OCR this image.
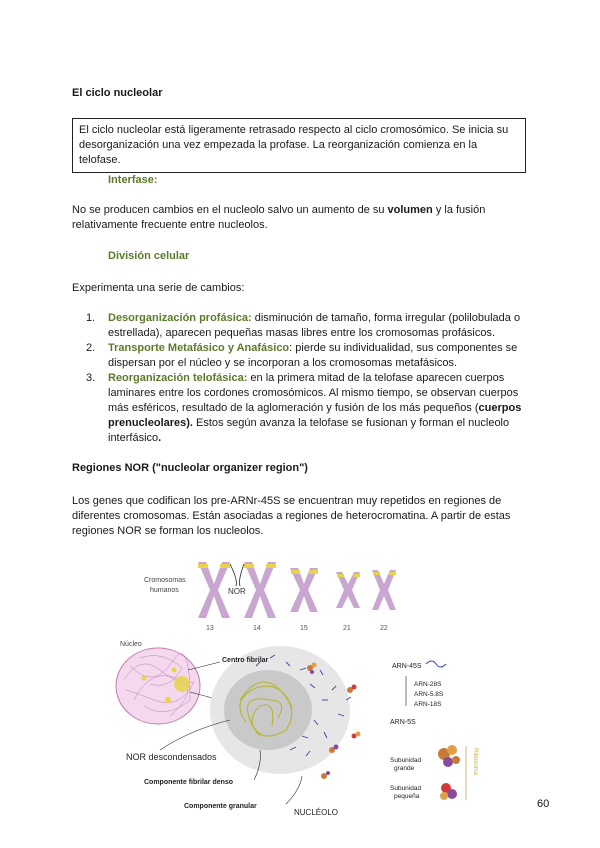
El ciclo nucleolar
El ciclo nucleolar está ligeramente retrasado respecto al ciclo cromosómico. Se inicia su desorganización una vez empezada la profase. La reorganización comienza en la telofase.
Interfase:
No se producen cambios en el nucleolo salvo un aumento de su volumen y la fusión relativamente frecuente entre nucleolos.
División celular
Experimenta una serie de cambios:
1. Desorganización profásica: disminución de tamaño, forma irregular (polilobulada o estrellada), aparecen pequeñas masas libres entre los cromosomas profásicos.
2. Transporte Metafásico y Anafásico: pierde su individualidad, sus componentes se dispersan por el núcleo y se incorporan a los cromosomas metafásicos.
3. Reorganización telofásica: en la primera mitad de la telofase aparecen cuerpos laminares entre los cordones cromosómicos. Al mismo tiempo, se observan cuerpos más esféricos, resultado de la aglomeración y fusión de los más pequeños (cuerpos prenucleolares). Estos según avanza la telofase se fusionan y forman el nucleolo interfásico.
Regiones NOR ("nucleolar organizer region")
Los genes que codifican los pre-ARNr-45S se encuentran muy repetidos en regiones de diferentes cromosomas. Están asociadas a regiones de heterocromatina. A partir de estas regiones NOR se forman los nucleolos.
Cromosomas
humanos	NOR
13	14	15	21	22
Núcleo
Centro fibrilar
NOR descondensados
Componente fibrilar denso
Componente granular
NUCLÉOLO
ARN-45S
ARN-28S
ARN-5.8S
ARN-18S
ARN-5S
Subunidad
grande
Subunidad
pequeña
Ribosoma
60
